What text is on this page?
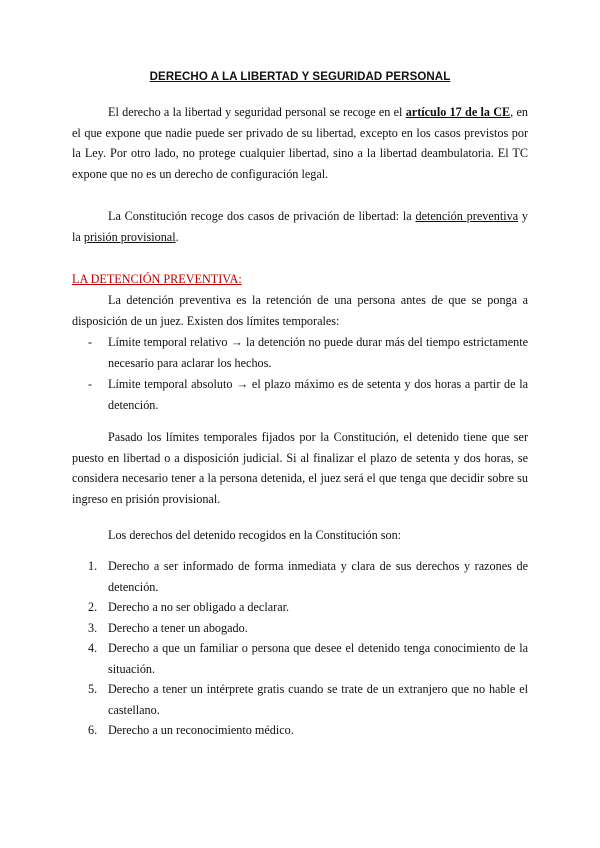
DERECHO A LA LIBERTAD Y SEGURIDAD PERSONAL

El derecho a la libertad y seguridad personal se recoge en el artículo 17 de la CE, en el que expone que nadie puede ser privado de su libertad, excepto en los casos previstos por la Ley. Por otro lado, no protege cualquier libertad, sino a la libertad deambulatoria. El TC expone que no es un derecho de configuración legal.

La Constitución recoge dos casos de privación de libertad: la detención preventiva y la prisión provisional.

LA DETENCIÓN PREVENTIVA:

La detención preventiva es la retención de una persona antes de que se ponga a disposición de un juez. Existen dos límites temporales:

- Límite temporal relativo → la detención no puede durar más del tiempo estrictamente necesario para aclarar los hechos.
- Límite temporal absoluto → el plazo máximo es de setenta y dos horas a partir de la detención.

Pasado los límites temporales fijados por la Constitución, el detenido tiene que ser puesto en libertad o a disposición judicial. Si al finalizar el plazo de setenta y dos horas, se considera necesario tener a la persona detenida, el juez será el que tenga que decidir sobre su ingreso en prisión provisional.

Los derechos del detenido recogidos en la Constitución son:

1. Derecho a ser informado de forma inmediata y clara de sus derechos y razones de detención.
2. Derecho a no ser obligado a declarar.
3. Derecho a tener un abogado.
4. Derecho a que un familiar o persona que desee el detenido tenga conocimiento de la situación.
5. Derecho a tener un intérprete gratis cuando se trate de un extranjero que no hable el castellano.
6. Derecho a un reconocimiento médico.
